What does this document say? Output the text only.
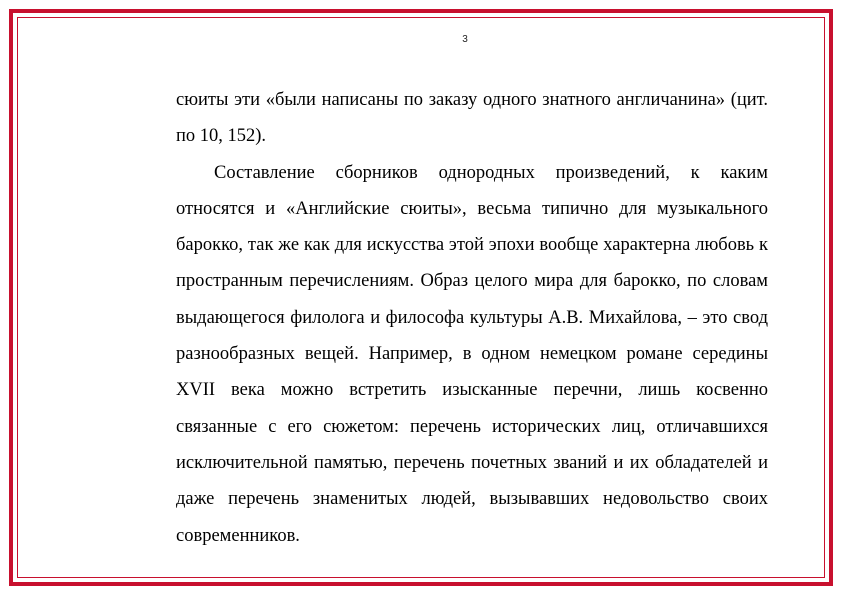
3

сюиты эти «были написаны по заказу одного знатного англичанина» (цит. по 10, 152).

Составление сборников однородных произведений, к каким относятся и «Английские сюиты», весьма типично для музыкального барокко, так же как для искусства этой эпохи вообще характерна любовь к пространным перечислениям. Образ целого мира для барокко, по словам выдающегося филолога и философа культуры А.В. Михайлова, – это свод разнообразных вещей. Например, в одном немецком романе середины XVII века можно встретить изысканные перечни, лишь косвенно связанные с его сюжетом: перечень исторических лиц, отличавшихся исключительной памятью, перечень почетных званий и их обладателей и даже перечень знаменитых людей, вызывавших недовольство своих современников.
